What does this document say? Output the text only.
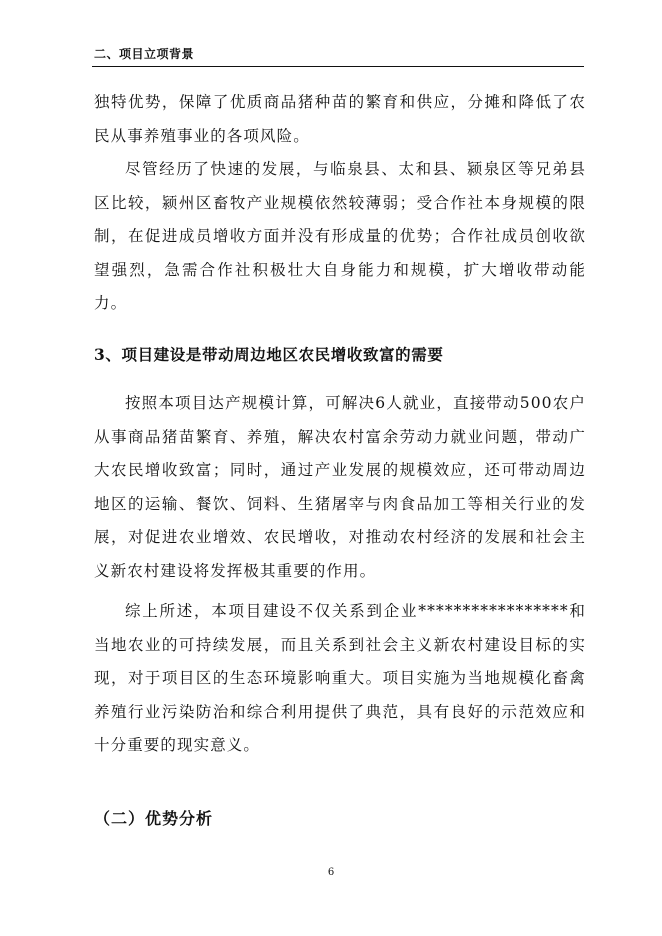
二、项目立项背景

独特优势，保障了优质商品猪种苗的繁育和供应，分摊和降低了农民从事养殖事业的各项风险。

尽管经历了快速的发展，与临泉县、太和县、颍泉区等兄弟县区比较，颍州区畜牧产业规模依然较薄弱；受合作社本身规模的限制，在促进成员增收方面并没有形成量的优势；合作社成员创收欲望强烈，急需合作社积极壮大自身能力和规模，扩大增收带动能力。

3、项目建设是带动周边地区农民增收致富的需要

按照本项目达产规模计算，可解决6人就业，直接带动500农户从事商品猪苗繁育、养殖，解决农村富余劳动力就业问题，带动广大农民增收致富；同时，通过产业发展的规模效应，还可带动周边地区的运输、餐饮、饲料、生猪屠宰与肉食品加工等相关行业的发展，对促进农业增效、农民增收，对推动农村经济的发展和社会主义新农村建设将发挥极其重要的作用。

综上所述，本项目建设不仅关系到企业*****************和当地农业的可持续发展，而且关系到社会主义新农村建设目标的实现，对于项目区的生态环境影响重大。项目实施为当地规模化畜禽养殖行业污染防治和综合利用提供了典范，具有良好的示范效应和十分重要的现实意义。

（二）优势分析
6
